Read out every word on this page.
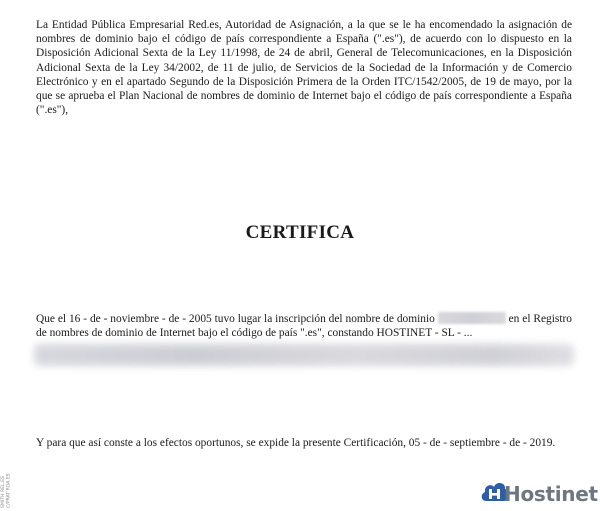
La Entidad Pública Empresarial Red.es, Autoridad de Asignación, a la que se le ha encomendado la asignación de nombres de dominio bajo el código de país correspondiente a España (".es"), de acuerdo con lo dispuesto en la Disposición Adicional Sexta de la Ley 11/1998, de 24 de abril, General de Telecomunicaciones, en la Disposición Adicional Sexta de la Ley 34/2002, de 11 de julio, de Servicios de la Sociedad de la Información y de Comercio Electrónico y en el apartado Segundo de la Disposición Primera de la Orden ITC/1542/2005, de 19 de mayo, por la que se aprueba el Plan Nacional de nombres de dominio de Internet bajo el código de país correspondiente a España (".es"),

CERTIFICA

Que el 16 - de - noviembre - de - 2005 tuvo lugar la inscripción del nombre de dominio	en el Registro de nombres de dominio de Internet bajo el código de país ".es", constando HOSTINET - SL - ...

Y para que así conste a los efectos oportunos, se expide la presente Certificación, 05 - de - septiembre - de - 2019.

SMITH REL.ES
C/PRAT RDA.ES	Hostinet
